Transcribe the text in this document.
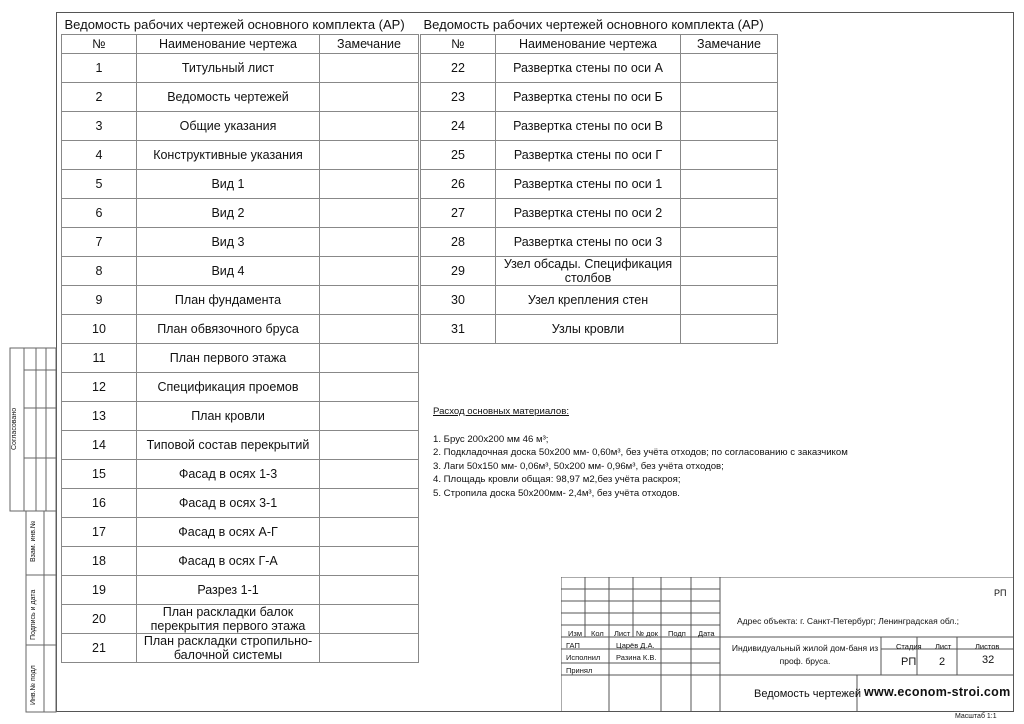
Ведомость рабочих чертежей основного комплекта (АР)		
№	Наименование чертежа	Замечание
1	Титульный лист	
2	Ведомость чертежей	
3	Общие указания	
4	Конструктивные указания	
5	Вид 1	
6	Вид 2	
7	Вид 3	
8	Вид 4	
9	План фундамента	
10	План обвязочного бруса	
11	План первого этажа	
12	Спецификация проемов	
13	План кровли	
14	Типовой состав перекрытий	
15	Фасад в осях 1-3	
16	Фасад в осях 3-1	
17	Фасад в осях А-Г	
18	Фасад в осях Г-А	
19	Разрез 1-1	
20	План раскладки балок перекрытия первого этажа	
21	План раскладки стропильно-балочной системы	
Ведомость рабочих чертежей основного комплекта (АР)		
№	Наименование чертежа	Замечание
22	Развертка стены по оси А	
23	Развертка стены по оси Б	
24	Развертка стены по оси В	
25	Развертка стены по оси Г	
26	Развертка стены по оси 1	
27	Развертка стены по оси 2	
28	Развертка стены по оси 3	
29	Узел обсады. Спецификация столбов	
30	Узел крепления стен	
31	Узлы кровли	
Расход основных материалов:
1. Брус 200х200 мм 46 м³;
2. Подкладочная доска 50х200 мм- 0,60м³, без учёта отходов; по согласованию с заказчиком
3. Лаги 50х150 мм- 0,06м³, 50х200 мм- 0,96м³, без учёта отходов;
4. Площадь кровли общая: 98,97 м2,без учёта раскроя;
5. Стропила доска 50х200мм- 2,4м³, без учёта отходов.
Согласовано
Взам. инв.№
Подпись и дата
Инв.№ подл
РП
Адрес объекта: г. Санкт-Петербург; Ленинградская обл.;
Изм Кол Лист № док Подп Дата
ГАП	Царёв Д.А.
Исполнил Разина К.В.
Принял
Индивидуальный жилой дом-баня из проф. бруса.
Стадия Лист	Листов
РП 2	32
Ведомость чертежей www.econom-stroi.com
Масштаб 1:1
